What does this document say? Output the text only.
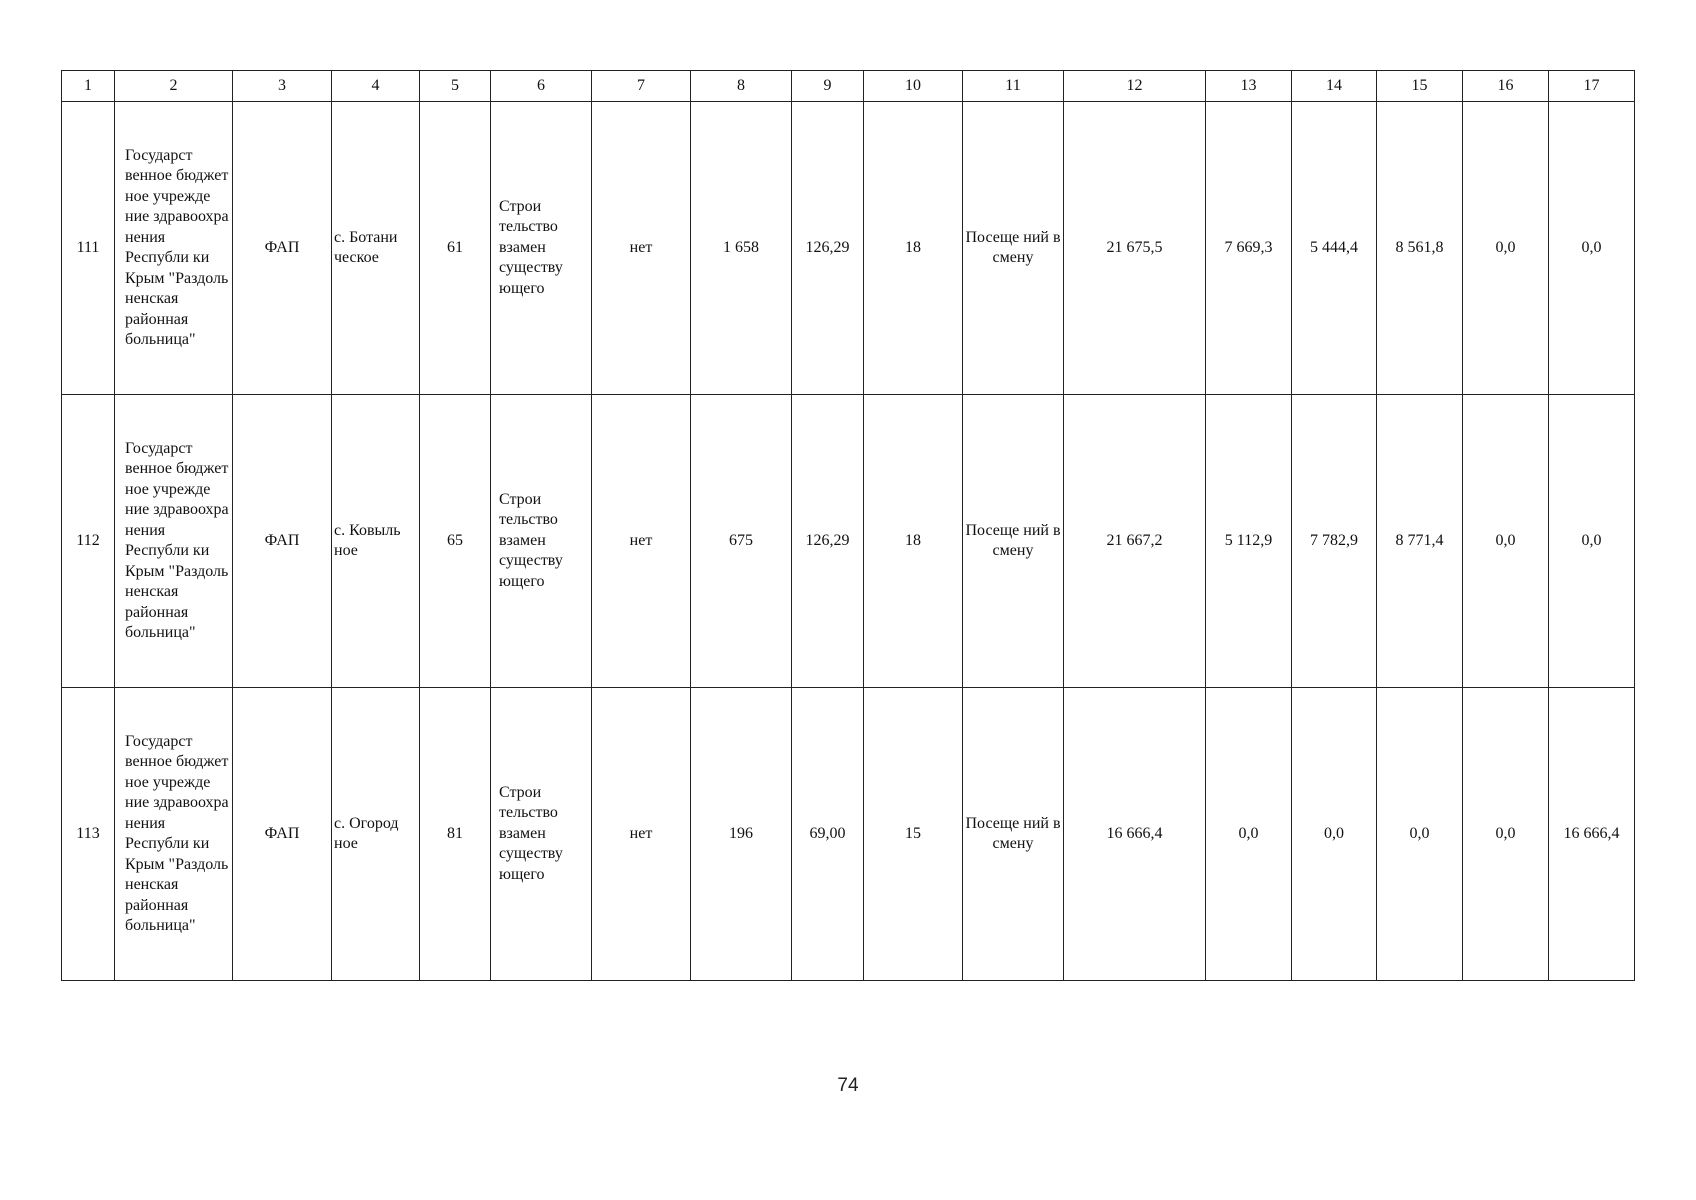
1	2	3	4	5	6	7	8	9	10	11	12	13	14	15	16	17
111	Государст венное бюджет ное учрежде ние здравоохра нения Республи ки Крым "Раздоль ненская районная больница"	ФАП	с. Ботани ческое	61	Строи тельство взамен существу ющего	нет	1 658	126,29	18	Посеще ний в смену	21 675,5	7 669,3	5 444,4	8 561,8	0,0	0,0
112	Государст венное бюджет ное учрежде ние здравоохра нения Республи ки Крым "Раздоль ненская районная больница"	ФАП	с. Ковыль ное	65	Строи тельство взамен существу ющего	нет	675	126,29	18	Посеще ний в смену	21 667,2	5 112,9	7 782,9	8 771,4	0,0	0,0
113	Государст венное бюджет ное учрежде ние здравоохра нения Республи ки Крым "Раздоль ненская районная больница"	ФАП	с. Огород ное	81	Строи тельство взамен существу ющего	нет	196	69,00	15	Посеще ний в смену	16 666,4	0,0	0,0	0,0	0,0	16 666,4
74
